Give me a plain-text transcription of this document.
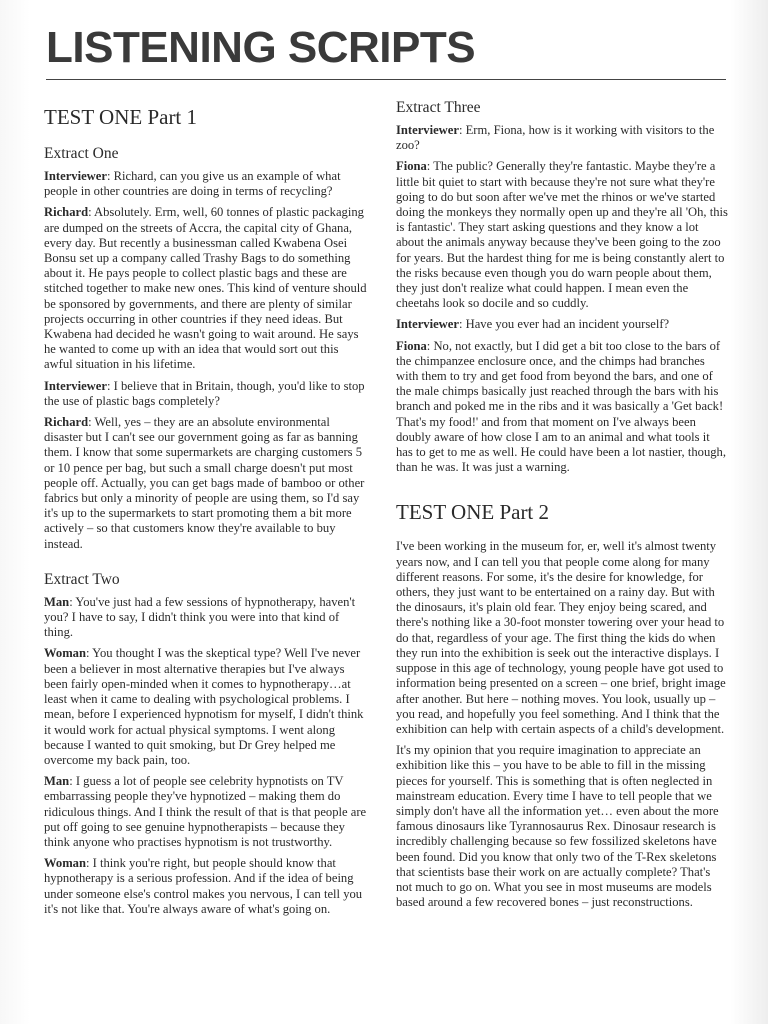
LISTENING SCRIPTS
TEST ONE Part 1
Extract One

Interviewer: Richard, can you give us an example of what people in other countries are doing in terms of recycling?

Richard: Absolutely. Erm, well, 60 tonnes of plastic packaging are dumped on the streets of Accra, the capital city of Ghana, every day. But recently a businessman called Kwabena Osei Bonsu set up a company called Trashy Bags to do something about it. He pays people to collect plastic bags and these are stitched together to make new ones. This kind of venture should be sponsored by governments, and there are plenty of similar projects occurring in other countries if they need ideas. But Kwabena had decided he wasn't going to wait around. He says he wanted to come up with an idea that would sort out this awful situation in his lifetime.

Interviewer: I believe that in Britain, though, you'd like to stop the use of plastic bags completely?

Richard: Well, yes – they are an absolute environmental disaster but I can't see our government going as far as banning them. I know that some supermarkets are charging customers 5 or 10 pence per bag, but such a small charge doesn't put most people off. Actually, you can get bags made of bamboo or other fabrics but only a minority of people are using them, so I'd say it's up to the supermarkets to start promoting them a bit more actively – so that customers know they're available to buy instead.

Extract Two

Man: You've just had a few sessions of hypnotherapy, haven't you? I have to say, I didn't think you were into that kind of thing.

Woman: You thought I was the skeptical type? Well I've never been a believer in most alternative therapies but I've always been fairly open-minded when it comes to hypnotherapy…at least when it came to dealing with psychological problems. I mean, before I experienced hypnotism for myself, I didn't think it would work for actual physical symptoms. I went along because I wanted to quit smoking, but Dr Grey helped me overcome my back pain, too.

Man: I guess a lot of people see celebrity hypnotists on TV embarrassing people they've hypnotized – making them do ridiculous things. And I think the result of that is that people are put off going to see genuine hypnotherapists – because they think anyone who practises hypnotism is not trustworthy.

Woman: I think you're right, but people should know that hypnotherapy is a serious profession. And if the idea of being under someone else's control makes you nervous, I can tell you it's not like that. You're always aware of what's going on.

Extract Three

Interviewer: Erm, Fiona, how is it working with visitors to the zoo?

Fiona: The public? Generally they're fantastic. Maybe they're a little bit quiet to start with because they're not sure what they're going to do but soon after we've met the rhinos or we've started doing the monkeys they normally open up and they're all 'Oh, this is fantastic'. They start asking questions and they know a lot about the animals anyway because they've been going to the zoo for years. But the hardest thing for me is being constantly alert to the risks because even though you do warn people about them, they just don't realize what could happen. I mean even the cheetahs look so docile and so cuddly.

Interviewer: Have you ever had an incident yourself?

Fiona: No, not exactly, but I did get a bit too close to the bars of the chimpanzee enclosure once, and the chimps had branches with them to try and get food from beyond the bars, and one of the male chimps basically just reached through the bars with his branch and poked me in the ribs and it was basically a 'Get back! That's my food!' and from that moment on I've always been doubly aware of how close I am to an animal and what tools it has to get to me as well. He could have been a lot nastier, though, than he was. It was just a warning.

TEST ONE Part 2

I've been working in the museum for, er, well it's almost twenty years now, and I can tell you that people come along for many different reasons. For some, it's the desire for knowledge, for others, they just want to be entertained on a rainy day. But with the dinosaurs, it's plain old fear. They enjoy being scared, and there's nothing like a 30-foot monster towering over your head to do that, regardless of your age. The first thing the kids do when they run into the exhibition is seek out the interactive displays. I suppose in this age of technology, young people have got used to information being presented on a screen – one brief, bright image after another. But here – nothing moves. You look, usually up – you read, and hopefully you feel something. And I think that the exhibition can help with certain aspects of a child's development.

It's my opinion that you require imagination to appreciate an exhibition like this – you have to be able to fill in the missing pieces for yourself. This is something that is often neglected in mainstream education. Every time I have to tell people that we simply don't have all the information yet… even about the more famous dinosaurs like Tyrannosaurus Rex. Dinosaur research is incredibly challenging because so few fossilized skeletons have been found. Did you know that only two of the T-Rex skeletons that scientists base their work on are actually complete? That's not much to go on. What you see in most museums are models based around a few recovered bones – just reconstructions.
